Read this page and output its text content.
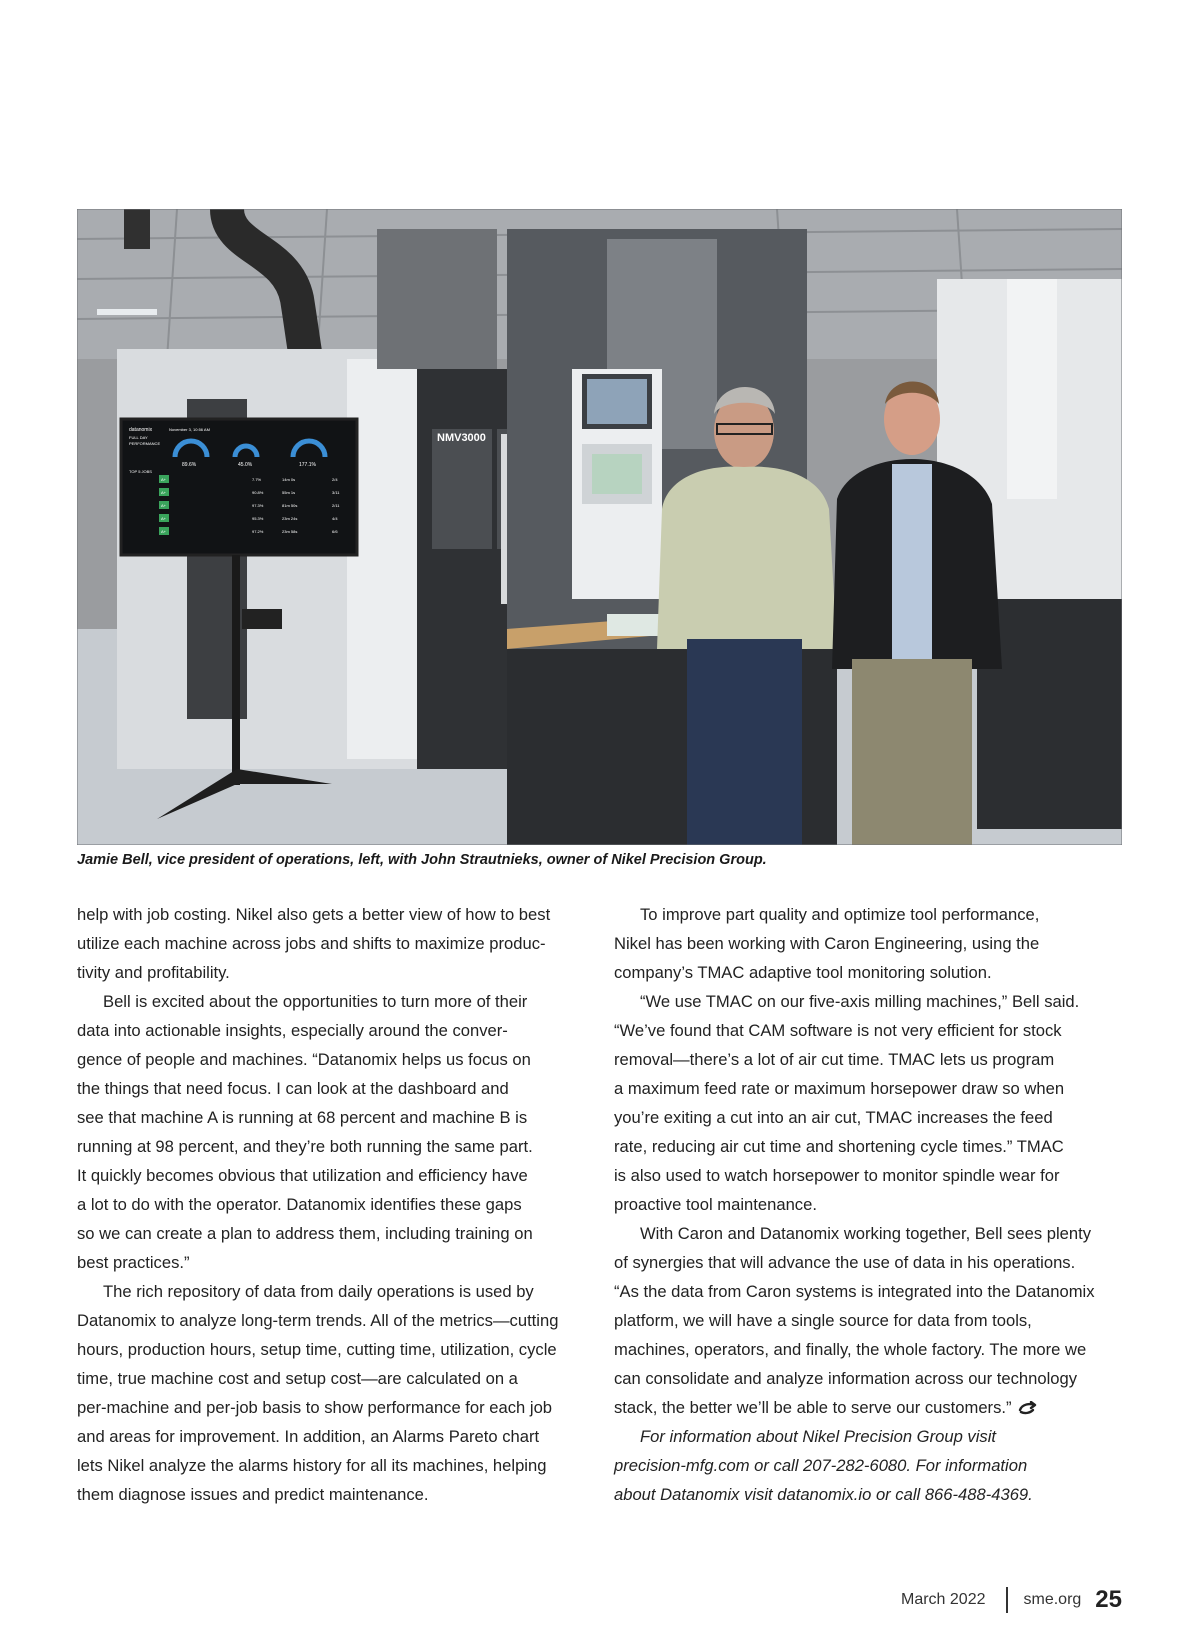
NMV3000
datanomix	November 3, 10:56 AM
FULL DAY
PERFORMANCE
89.6%	45.0%	177.1%
TOP 5 JOBS
A+	7.7%	14m 0s	2/4
A+	90.8%	55m 1s	3/11
A+	97.3%	81m 50s	2/11
A+	95.3%	23m 24s	4/4
A+	97.2%	23m 58s	6/6
Jamie Bell, vice president of operations, left, with John Strautnieks, owner of Nikel Precision Group.
help with job costing. Nikel also gets a better view of how to best
utilize each machine across jobs and shifts to maximize produc-
tivity and profitability.
Bell is excited about the opportunities to turn more of their
data into actionable insights, especially around the conver-
gence of people and machines. “Datanomix helps us focus on
the things that need focus. I can look at the dashboard and
see that machine A is running at 68 percent and machine B is
running at 98 percent, and they’re both running the same part.
It quickly becomes obvious that utilization and efficiency have
a lot to do with the operator. Datanomix identifies these gaps
so we can create a plan to address them, including training on
best practices.”
The rich repository of data from daily operations is used by
Datanomix to analyze long-term trends. All of the metrics—cutting
hours, production hours, setup time, cutting time, utilization, cycle
time, true machine cost and setup cost—are calculated on a
per-machine and per-job basis to show performance for each job
and areas for improvement. In addition, an Alarms Pareto chart
lets Nikel analyze the alarms history for all its machines, helping
them diagnose issues and predict maintenance.
To improve part quality and optimize tool performance,
Nikel has been working with Caron Engineering, using the
company’s TMAC adaptive tool monitoring solution.
“We use TMAC on our five-axis milling machines,” Bell said.
“We’ve found that CAM software is not very efficient for stock
removal—there’s a lot of air cut time. TMAC lets us program
a maximum feed rate or maximum horsepower draw so when
you’re exiting a cut into an air cut, TMAC increases the feed
rate, reducing air cut time and shortening cycle times.” TMAC
is also used to watch horsepower to monitor spindle wear for
proactive tool maintenance.
With Caron and Datanomix working together, Bell sees plenty
of synergies that will advance the use of data in his operations.
“As the data from Caron systems is integrated into the Datanomix
platform, we will have a single source for data from tools,
machines, operators, and finally, the whole factory. The more we
can consolidate and analyze information across our technology
stack, the better we’ll be able to serve our customers.”
For information about Nikel Precision Group visit
precision-mfg.com or call 207-282-6080. For information
about Datanomix visit datanomix.io or call 866-488-4369.
March 2022 sme.org 25
